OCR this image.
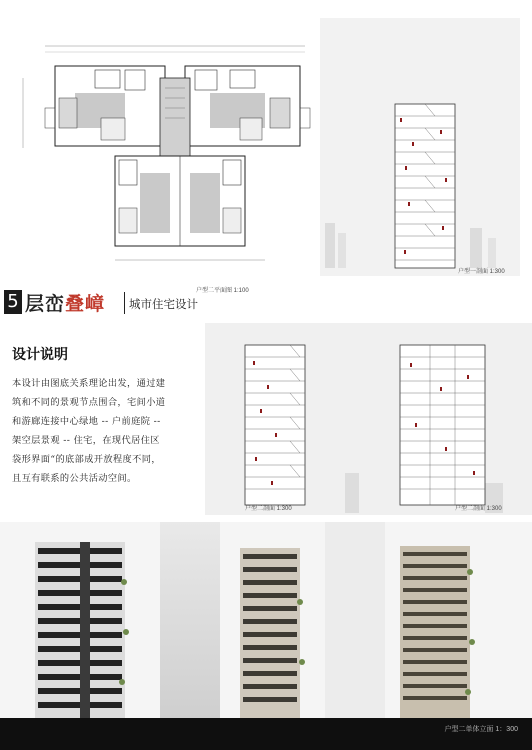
户型二平面图 1:100
户型一剖面 1:300
5 层峦叠嶂 城市住宅设计
设计说明
本设计由图底关系理论出发，通过建
筑和不同的景观节点围合，宅间小道
和游廊连接中心绿地 -- 户前庭院 --
架空层景观 -- 住宅，在现代居住区
袋形界面“的底部成开放程度不同，
且互有联系的公共活动空间。
户型二剖面 1:300	户型二剖面 1:300
户型二单体立面 1：300
